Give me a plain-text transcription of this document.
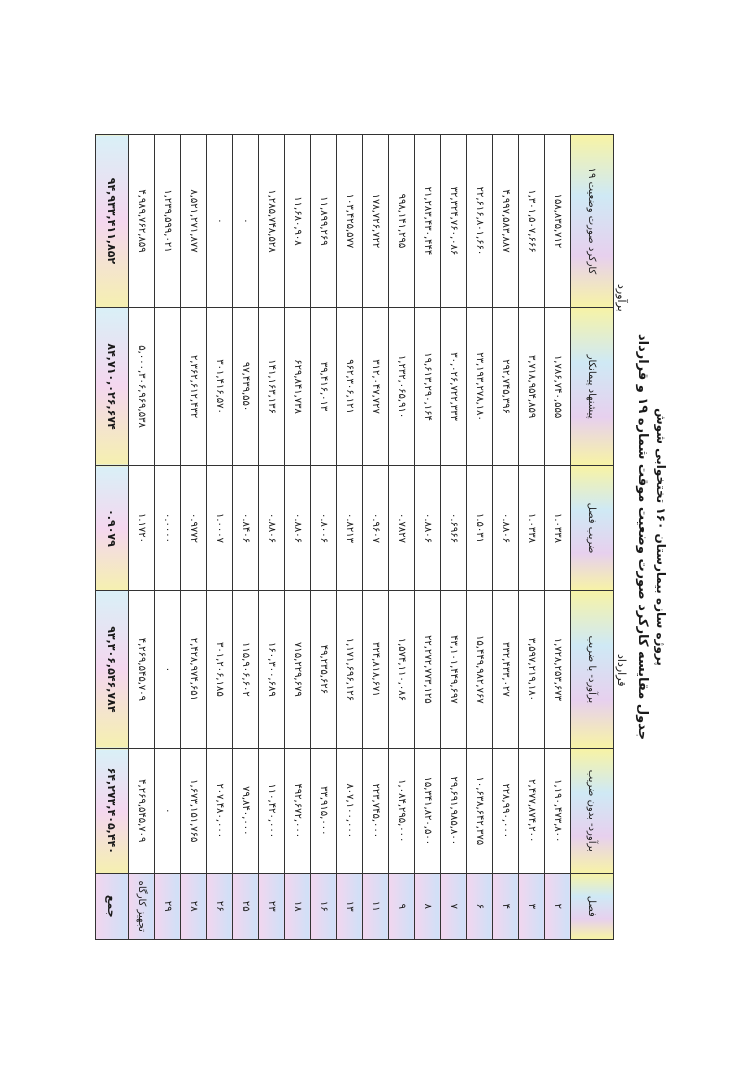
پروژه سازه بیمارستان ۱۶۰ تختخوابی شوش
جدول مقایسه کارکرد صورت وضعیت موقت شماره ۱۹ و قرارداد
قرارداد
برآورد
فصل	برآورد- بدون ضریب	برآورد- با ضریب	ضریب فصل	پیشنهاد پیمانکار	کارکرد صورت وضعیت ۱۹
۲	۱,۱۹۰,۴۷۳,۸۰۰	۱,۷۲۸,۲۵۳,۶۷۳	۱.۰۳۳۸	۱,۷۸۶,۷۴۰,۵۵۵	۱۵۸,۸۳۵,۷۱۲
۳	۲,۴۷۷,۸۷۴,۲۰۰	۳,۵۹۷,۲۱۹,۱۸۰	۱.۰۳۳۸	۳,۷۱۸,۹۵۴,۸۵۹	۱,۳۰۱,۵۰۷,۶۶۶
۴	۲۲۸,۹۹۰,۰۰۰	۳۳۲,۴۳۳,۰۲۷	۰.۸۸۰۶	۲۹۲,۷۴۵,۳۹۶	۴,۹۹۷,۵۸۳,۸۸۷
۶	۱۰,۶۳۸,۶۴۲,۳۷۵	۱۵,۴۴۹,۹۸۲,۷۶۷	۱.۵۰۳۱	۲۳,۱۹۳,۲۷۸,۱۸۰	۲۲,۶۱۶,۸۰۱,۶۶۰
۷	۲۹,۶۹۱,۹۸۵,۸۰۰	۴۳,۱۰۱,۴۴۹,۶۹۷	۰.۶۹۶۶	۳۰,۰۲۶,۷۲۲,۳۳۳	۳۲,۳۲۴,۷۶۰,۰۸۶
۸	۱۵,۳۴۱,۸۲۰,۵۰۰	۲۲,۲۷۲,۷۷۳,۱۲۵	۰.۸۸۰۶	۱۹,۶۱۳,۲۹۰,۱۶۴	۲۱,۲۸۳,۴۳۰,۴۴۴
۹	۱,۰۸۴,۲۹۵,۰۰۰	۱,۵۷۴,۱۱۰,۰۸۶	۰.۷۸۲۷	۱,۲۳۲,۰۶۵,۹۱۰	۹۹۸,۱۴۱,۲۹۵
۱۱	۲۲۳,۷۴۵,۰۰۰	۳۲۴,۸۱۸,۶۷۱	۰.۹۶۰۷	۳۱۲,۰۴۷,۷۲۷	۱۷۸,۷۲۶,۷۲۲
۱۳	۸۰۷,۱۰۰,۰۰۰	۱,۱۷۱,۶۹۶,۱۲۶	۰.۸۲۱۳	۹۶۲,۳۰۶,۱۲۱	۱۰۳,۴۲۵,۵۷۷
۱۶	۳۳,۹۱۵,۰۰۰	۴۹,۲۳۵,۶۲۶	۰.۸۰۰۶	۳۹,۴۱۶,۰۱۳	۱۱,۸۹۹,۲۶۹
۱۸	۴۹۲,۶۷۲,۰۰۰	۷۱۵,۲۲۹,۶۷۹	۰.۸۸۰۶	۶۲۹,۸۴۱,۷۳۸	۱۱,۶۸۰,۹۰۸
۲۳	۱۱۰,۴۲۰,۰۰۰	۱۶۰,۳۰۰,۶۸۹	۰.۸۸۰۶	۱۴۱,۱۶۳,۱۳۶	۱,۲۸۵,۷۴۸,۵۲۸
۲۵	۷۹,۸۴۰,۰۰۰	۱۱۵,۹۰۶,۶۰۲	۰.۸۴۰۶	۹۷,۴۳۹,۵۵۰	۰
۲۶	۲۰۷,۴۸۰,۰۰۰	۳۰۱,۲۰۶,۱۸۵	۱.۰۰۰۷	۳۰۱,۴۱۶,۵۷۰	۰
۲۸	۱,۶۷۳,۱۵۱,۷۶۵	۲,۴۲۸,۹۷۴,۶۵۱	۰.۹۷۷۲	۲,۳۶۲,۶۱۲,۴۳۲	۸,۵۲۱,۲۷۱,۸۷۷
۲۹	۰	۰	۰.۰۰۰۰		۱,۲۳۹,۵۹۹,۰۲۱
تجهیز کارگاه	۴,۲۶۹,۵۴۵,۷۰۹	۴,۲۶۹,۵۴۵,۷۰۹	۱.۱۷۲۰	۵,۰۰۰,۳۰۶,۹۶۹,۵۳۸	۴,۹۸۹,۷۶۲,۸۵۹
جمع	۶۴,۲۷۳,۴۰۵,۴۴۰	۹۳,۳۰۶,۵۴۶,۷۸۴	۰.۹۰۷۹	۸۴,۷۱۰,۰۲۶,۶۷۴	۹۴,۹۳۳,۴۱۱,۸۵۲
